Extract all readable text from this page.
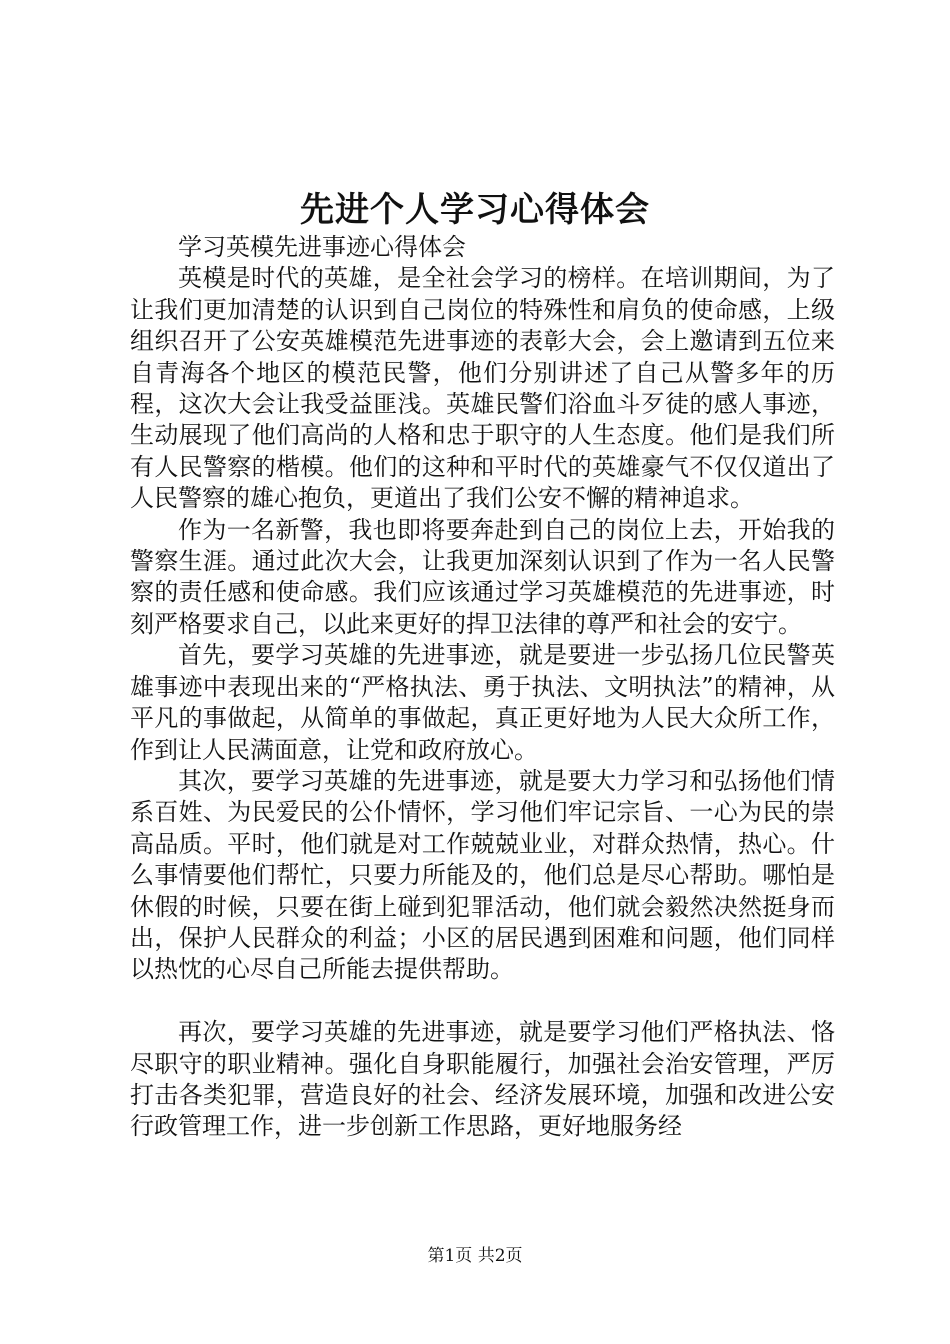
先进个人学习心得体会

学习英模先进事迹心得体会

英模是时代的英雄，是全社会学习的榜样。在培训期间，为了让我们更加清楚的认识到自己岗位的特殊性和肩负的使命感，上级组织召开了公安英雄模范先进事迹的表彰大会，会上邀请到五位来自青海各个地区的模范民警，他们分别讲述了自己从警多年的历程，这次大会让我受益匪浅。英雄民警们浴血斗歹徒的感人事迹，生动展现了他们高尚的人格和忠于职守的人生态度。他们是我们所有人民警察的楷模。他们的这种和平时代的英雄豪气不仅仅道出了人民警察的雄心抱负，更道出了我们公安不懈的精神追求。

作为一名新警，我也即将要奔赴到自己的岗位上去，开始我的警察生涯。通过此次大会，让我更加深刻认识到了作为一名人民警察的责任感和使命感。我们应该通过学习英雄模范的先进事迹，时刻严格要求自己，以此来更好的捍卫法律的尊严和社会的安宁。

首先，要学习英雄的先进事迹，就是要进一步弘扬几位民警英雄事迹中表现出来的“严格执法、勇于执法、文明执法”的精神，从平凡的事做起，从简单的事做起，真正更好地为人民大众所工作，作到让人民满面意，让党和政府放心。

其次，要学习英雄的先进事迹，就是要大力学习和弘扬他们情系百姓、为民爱民的公仆情怀，学习他们牢记宗旨、一心为民的崇高品质。平时，他们就是对工作兢兢业业，对群众热情，热心。什么事情要他们帮忙，只要力所能及的，他们总是尽心帮助。哪怕是休假的时候，只要在街上碰到犯罪活动，他们就会毅然决然挺身而出，保护人民群众的利益；小区的居民遇到困难和问题，他们同样以热忱的心尽自己所能去提供帮助。

再次，要学习英雄的先进事迹，就是要学习他们严格执法、恪尽职守的职业精神。强化自身职能履行，加强社会治安管理，严厉打击各类犯罪，营造良好的社会、经济发展环境，加强和改进公安行政管理工作，进一步创新工作思路，更好地服务经

第1页 共2页
